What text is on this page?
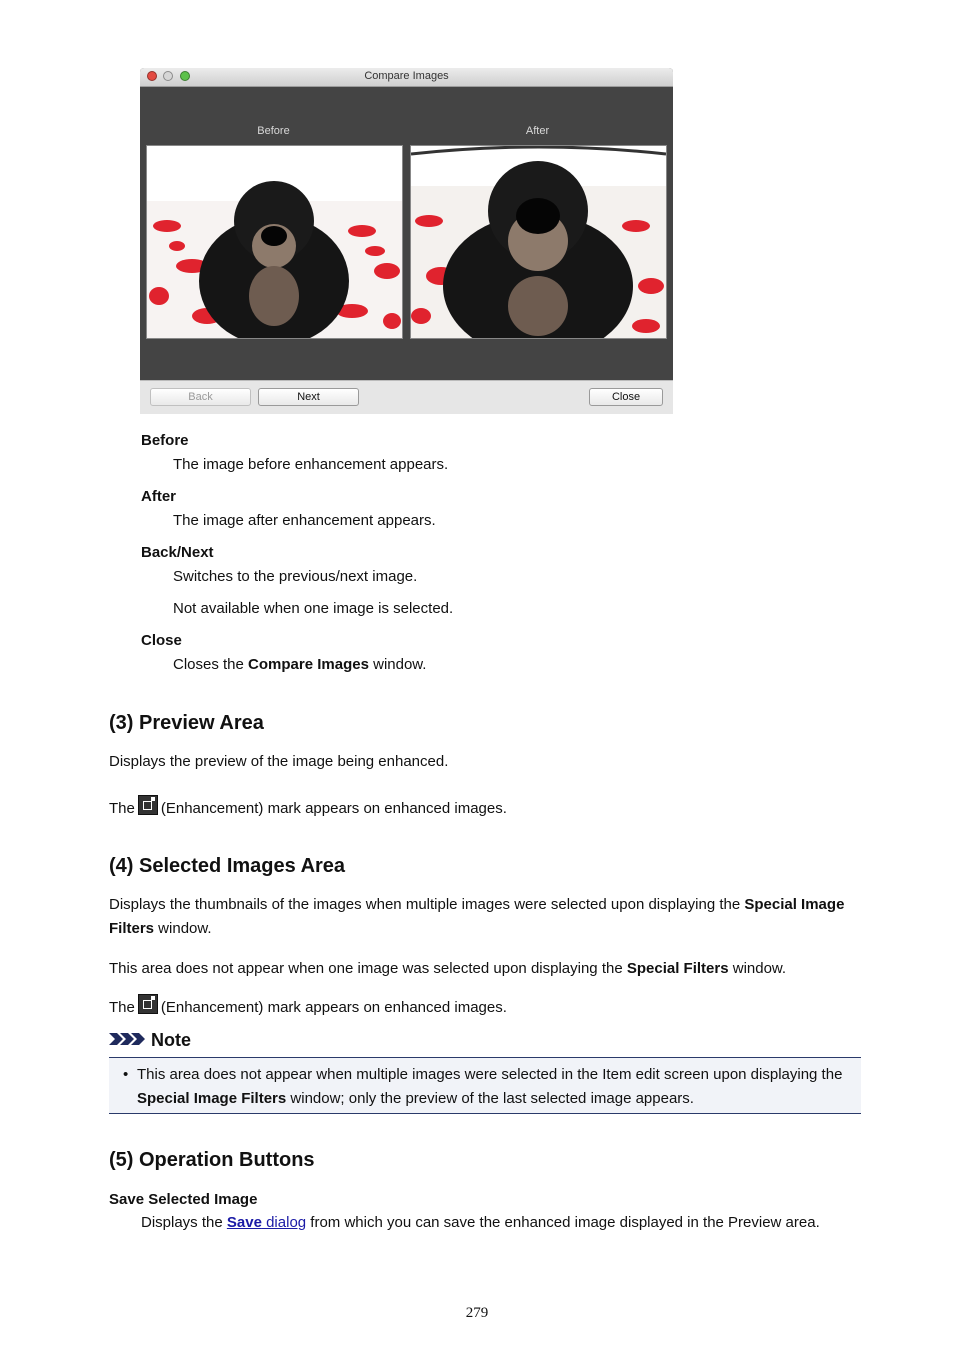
Compare Images
Before	After
Back	Next	Close
Before
The image before enhancement appears.
After
The image after enhancement appears.
Back/Next
Switches to the previous/next image.
Not available when one image is selected.
Close
Closes the Compare Images window.
(3) Preview Area

Displays the preview of the image being enhanced.

The (Enhancement) mark appears on enhanced images.

(4) Selected Images Area

Displays the thumbnails of the images when multiple images were selected upon displaying the Special Image Filters window.

This area does not appear when one image was selected upon displaying the Special Filters window.

The (Enhancement) mark appears on enhanced images.

Note
• This area does not appear when multiple images were selected in the Item edit screen upon displaying the Special Image Filters window; only the preview of the last selected image appears.
(5) Operation Buttons
Save Selected Image

Displays the Save dialog from which you can save the enhanced image displayed in the Preview area.

279
